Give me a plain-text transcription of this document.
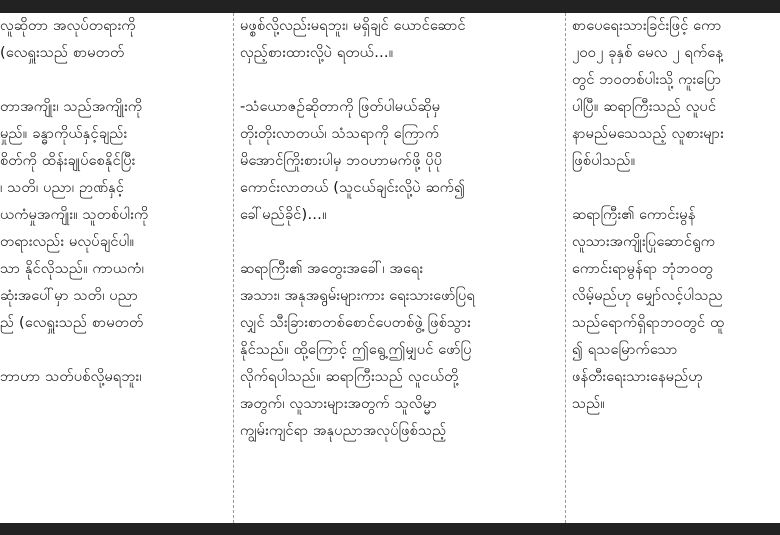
လူဆိုတာ အလုပ်တရားကို

(လေရှူးသည် စာမတတ်

တာအကျိုး၊ သည်အကျိုးကို

မှုည်။ ခန္ဓာကိုယ်နှင့်ချည်း

စိတ်ကို ထိန်းချုပ်စေနိုင်ပြီး

၊ သတိ၊ ပညာ၊ ဉာဏ်နှင့်

ယကံမှုအကျိုး။ သူတစ်ပါးကို

တရားလည်း မလုပ်ချင်ပါ။

သာ နိုင်လိုသည်။ ကာယကံ၊

ဆုံးအပေါ်မှာ သတိ၊ ပညာ

ည် (လေရှူးသည် စာမတတ်

ဘာဟာ သတ်ပစ်လို့မရဘူး၊

မဖ္စစ်လို့လည်းမရဘူး၊ မရှိချင် ယောင်ဆောင်

လှည့်စားထားလို့ပဲ ရတယ်…။

-သံယောဇဉ်ဆိုတာကို ဖြတ်ပါမယ်ဆိုမှ

တိုးတိုးလာတယ်၊ သံသရာကို ကြောက်

မိအောင်ကြိုးစားပါမှ ဘဝဟာမက်ဖို့ ပိုပို

ကောင်းလာတယ် (သူငယ်ချင်းလို့ပဲ ဆက်၍

ခေါ်မည်ခိုင်)…။

ဆရာကြီး၏ အတွေးအခေါ်၊ အရေး

အသား၊ အနုအရွမ်းများကား ရေးသားဖော်ပြရ

လျှင် သီးခြားစာတစ်စောင်ပေတစ်ဖွဲ့ ဖြစ်သွား

နိုင်သည်။ ထို့ကြောင့် ဤရွေ့ဤမျှပင် ဖော်ပြ

လိုက်ရပါသည်။ ဆရာကြီးသည် လူငယ်တို့

အတွက်၊ လူသားများအတွက် သူလိမ္မာ

ကျွမ်းကျင်ရာ အနုပညာအလုပ်ဖြစ်သည့်

စာပေရေးသားခြင်းဖြင့် ကော

၂၀၀၂ ခုနှစ် မေလ ၂ ရက်နေ့

တွင် ဘဝတစ်ပါးသို့ ကူးပြော

ပါပြီ။ ဆရာကြီးသည် လူပင်

နာမည်မသေသည့် လူစားများ

ဖြစ်ပါသည်။

ဆရာကြီး၏ ကောင်းမွန်

လူသားအကျိုးပြုဆောင်ရွက

ကောင်းရာမွန်ရာ ဘုံဘဝတွ

လိမ့်မည်ဟု မျှော်လင့်ပါသည

သည်ရောက်ရှိရာဘဝတွင် ထူ

၍ ရသမြောက်သော

ဖန်တီးရေးသားနေမည်ဟု

သည်။
